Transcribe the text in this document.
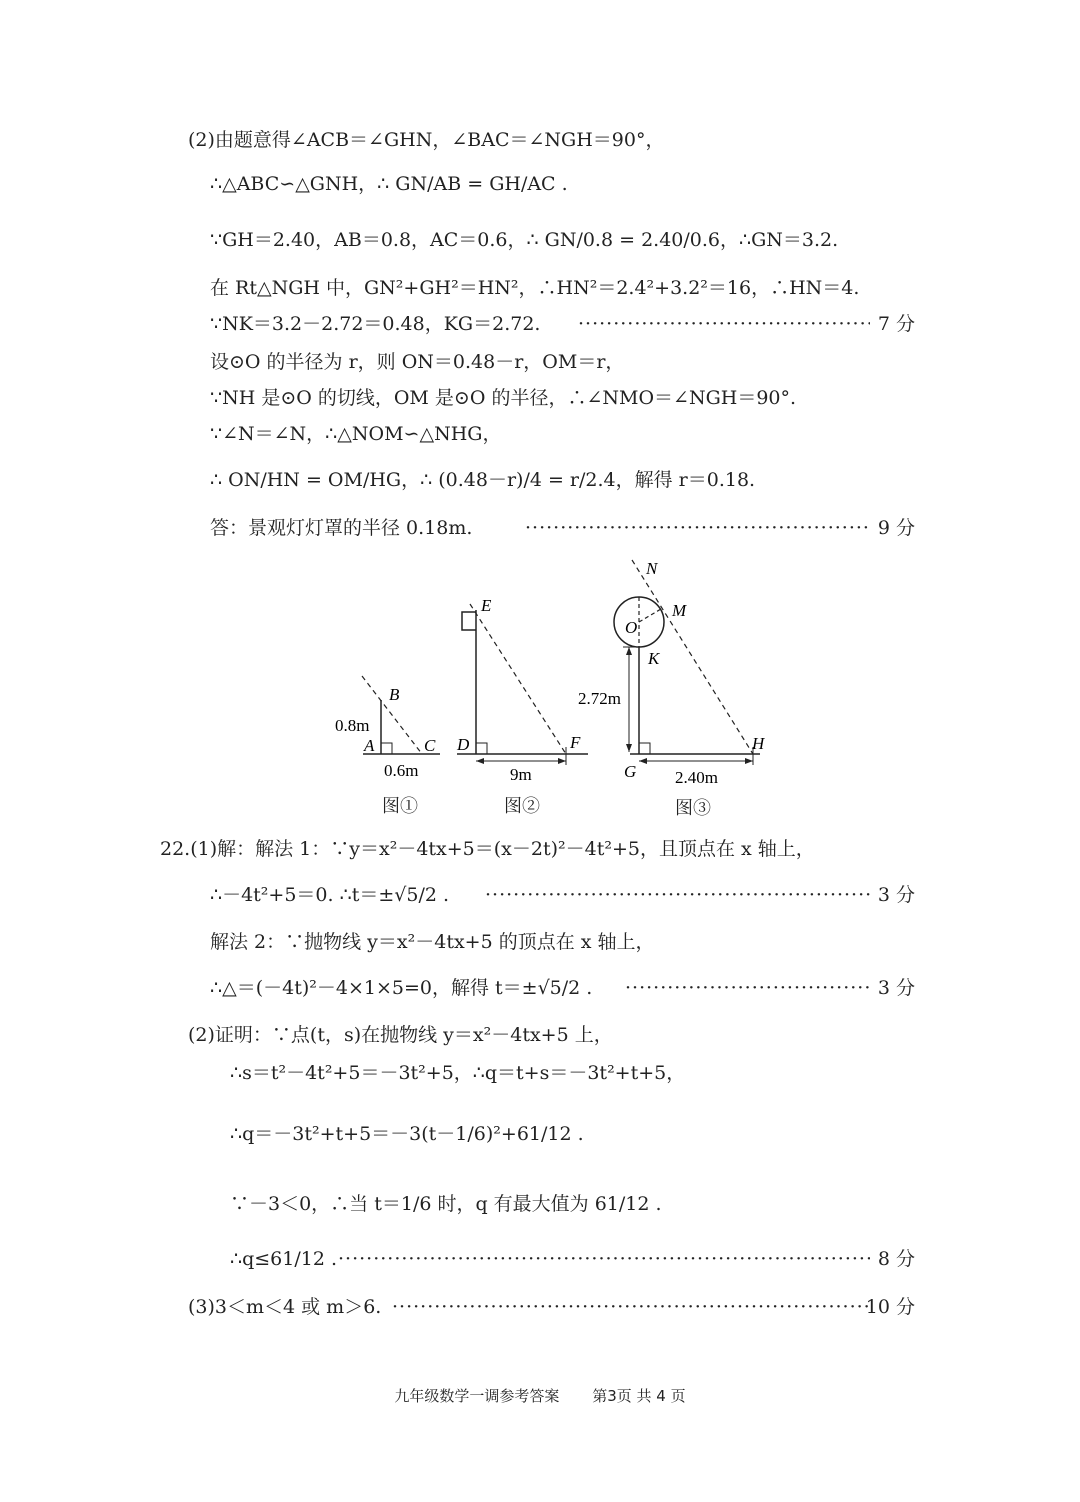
(2)由题意得∠ACB＝∠GHN，∠BAC＝∠NGH＝90°，
∴△ABC∽△GNH，∴ GN/AB = GH/AC .
∵GH＝2.40，AB＝0.8，AC＝0.6，∴ GN/0.8 = 2.40/0.6，∴GN＝3.2.
在 Rt△NGH 中，GN²+GH²＝HN²，∴HN²＝2.4²+3.2²＝16，∴HN＝4.
∵NK＝3.2－2.72＝0.48，KG＝2.72. ·····	7 分
设⊙O 的半径为 r，则 ON＝0.48－r，OM＝r，
∵NH 是⊙O 的切线，OM 是⊙O 的半径，∴∠NMO＝∠NGH＝90°.
∵∠N＝∠N，∴△NOM∽△NHG，
∴ ON/HN = OM/HG，∴ (0.48－r)/4 = r/2.4，解得 r＝0.18.
答：景观灯灯罩的半径 0.18m. ·····	9 分
B
A	C
0.8m
0.6m
E
D	F
9m
N
M
O
K
G
H
2.72m
2.40m
图①	图②	图③
22.(1)解：解法 1：∵y＝x²－4tx+5＝(x－2t)²－4t²+5，且顶点在 x 轴上，
∴－4t²+5＝0. ∴t＝±√5/2 . ·····	3 分
解法 2：∵抛物线 y＝x²－4tx+5 的顶点在 x 轴上，
∴△＝(－4t)²－4×1×5=0，解得 t＝±√5/2 . ·····	3 分
(2)证明：∵点(t，s)在抛物线 y＝x²－4tx+5 上，
∴s＝t²－4t²+5＝－3t²+5，∴q＝t+s＝－3t²+t+5，
∴q＝－3t²+t+5＝－3(t－1/6)²+61/12 .
∵－3＜0，∴当 t＝1/6 时，q 有最大值为 61/12 .
∴q≤61/12 . ·····	8 分
(3)3＜m＜4 或 m＞6. ·····	10 分
九年级数学一调参考答案 第3页 共 4 页
